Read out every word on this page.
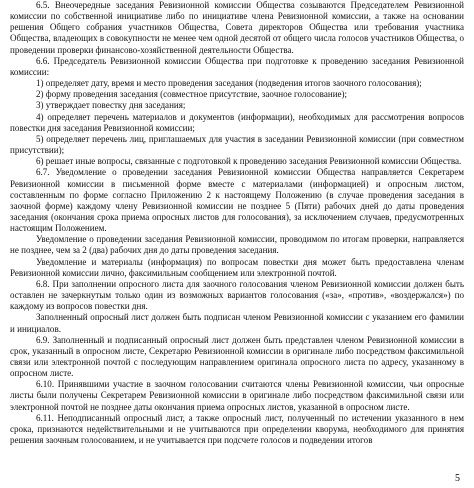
6.5. Внеочередные заседания Ревизионной комиссии Общества созываются Председателем Ревизионной комиссии по собственной инициативе либо по инициативе члена Ревизионной комиссии, а также на основании решения Общего собрания участников Общества, Совета директоров Общества или требования участника Общества, владеющих в совокупности не менее чем одной десятой от общего числа голосов участников Общества, о проведении проверки финансово-хозяйственной деятельности Общества.

6.6. Председатель Ревизионной комиссии Общества при подготовке к проведению заседания Ревизионной комиссии:

1) определяет дату, время и место проведения заседания (подведения итогов заочного голосования);

2) форму проведения заседания (совместное присутствие, заочное голосование);

3) утверждает повестку дня заседания;

4) определяет перечень материалов и документов (информации), необходимых для рассмотрения вопросов повестки дня заседания Ревизионной комиссии;

5) определяет перечень лиц, приглашаемых для участия в заседании Ревизионной комиссии (при совместном присутствии);

6) решает иные вопросы, связанные с подготовкой к проведению заседания Ревизионной комиссии Общества.

6.7. Уведомление о проведении заседания Ревизионной комиссии Общества направляется Секретарем Ревизионной комиссии в письменной форме вместе с материалами (информацией) и опросным листом, составленным по форме согласно Приложению 2 к настоящему Положению (в случае проведения заседания в заочной форме) каждому члену Ревизионной комиссии не позднее 5 (Пяти) рабочих дней до даты проведения заседания (окончания срока приема опросных листов для голосования), за исключением случаев, предусмотренных настоящим Положением.

Уведомление о проведении заседания Ревизионной комиссии, проводимом по итогам проверки, направляется не позднее, чем за 2 (два) рабочих дня до даты проведения заседания.

Уведомление и материалы (информация) по вопросам повестки дня может быть предоставлена членам Ревизионной комиссии лично, факсимильным сообщением или электронной почтой.

6.8. При заполнении опросного листа для заочного голосования членом Ревизионной комиссии должен быть оставлен не зачеркнутым только один из возможных вариантов голосования («за», «против», «воздержался») по каждому из вопросов повестки дня.

Заполненный опросный лист должен быть подписан членом Ревизионной комиссии с указанием его фамилии и инициалов.

6.9. Заполненный и подписанный опросный лист должен быть представлен членом Ревизионной комиссии в срок, указанный в опросном листе, Секретарю Ревизионной комиссии в оригинале либо посредством факсимильной связи или электронной почтой с последующим направлением оригинала опросного листа по адресу, указанному в опросном листе.

6.10. Принявшими участие в заочном голосовании считаются члены Ревизионной комиссии, чьи опросные листы были получены Секретарем Ревизионной комиссии в оригинале либо посредством факсимильной связи или электронной почтой не позднее даты окончания приема опросных листов, указанной в опросном листе.

6.11. Неподписанный опросный лист, а также опросный лист, полученный по истечении указанного в нем срока, признаются недействительными и не учитываются при определении кворума, необходимого для принятия решения заочным голосованием, и не учитывается при подсчете голосов и подведении итогов

5
